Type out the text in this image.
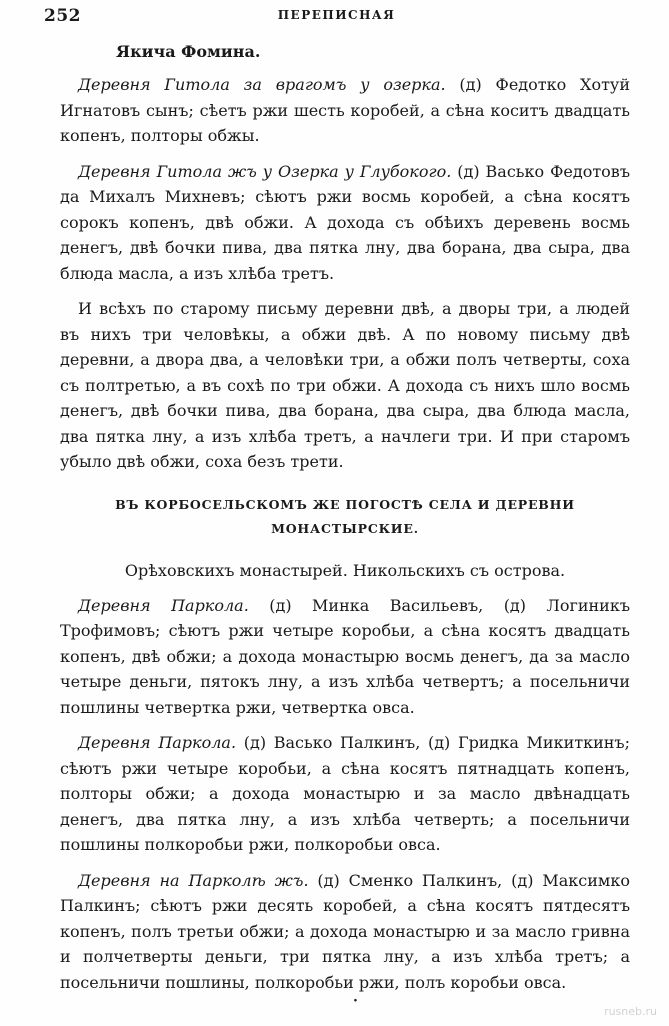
252	ПЕРЕПИСНАЯ
Якича Фомина.

Деревня Гитола за врагомъ у озерка. (д) Федотко Хотуй Игнатовъ сынъ; сѣетъ ржи шесть коробей, а сѣна коситъ двадцать копенъ, полторы обжы.

Деревня Гитола жъ у Озерка у Глубокого. (д) Васько Федотовъ да Михалъ Михневъ; сѣютъ ржи восмь коробей, а сѣна косятъ сорокъ копенъ, двѣ обжи. А дохода съ обѣихъ деревень восмь денегъ, двѣ бочки пива, два пятка лну, два борана, два сыра, два блюда масла, а изъ хлѣба третъ.

И всѣхъ по старому письму деревни двѣ, а дворы три, а людей въ нихъ три человѣкы, а обжи двѣ. А по новому письму двѣ деревни, а двора два, а человѣки три, а обжи полъ четверты, соха съ полтретью, а въ сохѣ по три обжи. А дохода съ нихъ шло восмь денегъ, двѣ бочки пива, два борана, два сыра, два блюда масла, два пятка лну, а изъ хлѣба третъ, а начлеги три. И при старомъ убыло двѣ обжи, соха безъ трети.

ВЪ КОРБОСЕЛЬСКОМЪ ЖЕ ПОГОСТѢ СЕЛА И ДЕРЕВНИ
МОНАСТЫРСКИЕ.
Орѣховскихъ монастырей. Никольскихъ съ острова.

Деревня Паркола. (д) Минка Васильевъ, (д) Логиникъ Трофимовъ; сѣютъ ржи четыре коробьи, а сѣна косятъ двадцать копенъ, двѣ обжи; а дохода монастырю восмь денегъ, да за масло четыре деньги, пятокъ лну, а изъ хлѣба четвертъ; а посельничи пошлины четвертка ржи, четвертка овса.

Деревня Паркола. (д) Васько Палкинъ, (д) Гридка Микиткинъ; сѣютъ ржи четыре коробьи, а сѣна косятъ пятнадцать копенъ, полторы обжи; а дохода монастырю и за масло двѣнадцать денегъ, два пятка лну, а изъ хлѣба четверть; а посельничи пошлины полкоробьи ржи, полкоробьи овса.

Деревня на Парколѣ жъ. (д) Сменко Палкинъ, (д) Максимко Палкинъ; сѣютъ ржи десять коробей, а сѣна косятъ пятдесятъ копенъ, полъ третьи обжи; а дохода монастырю и за масло гривна и полчетверты деньги, три пятка лну, а изъ хлѣба третъ; а посельничи пошлины, полкоробьи ржи, полъ коробьи овса.

·
rusneb.ru
